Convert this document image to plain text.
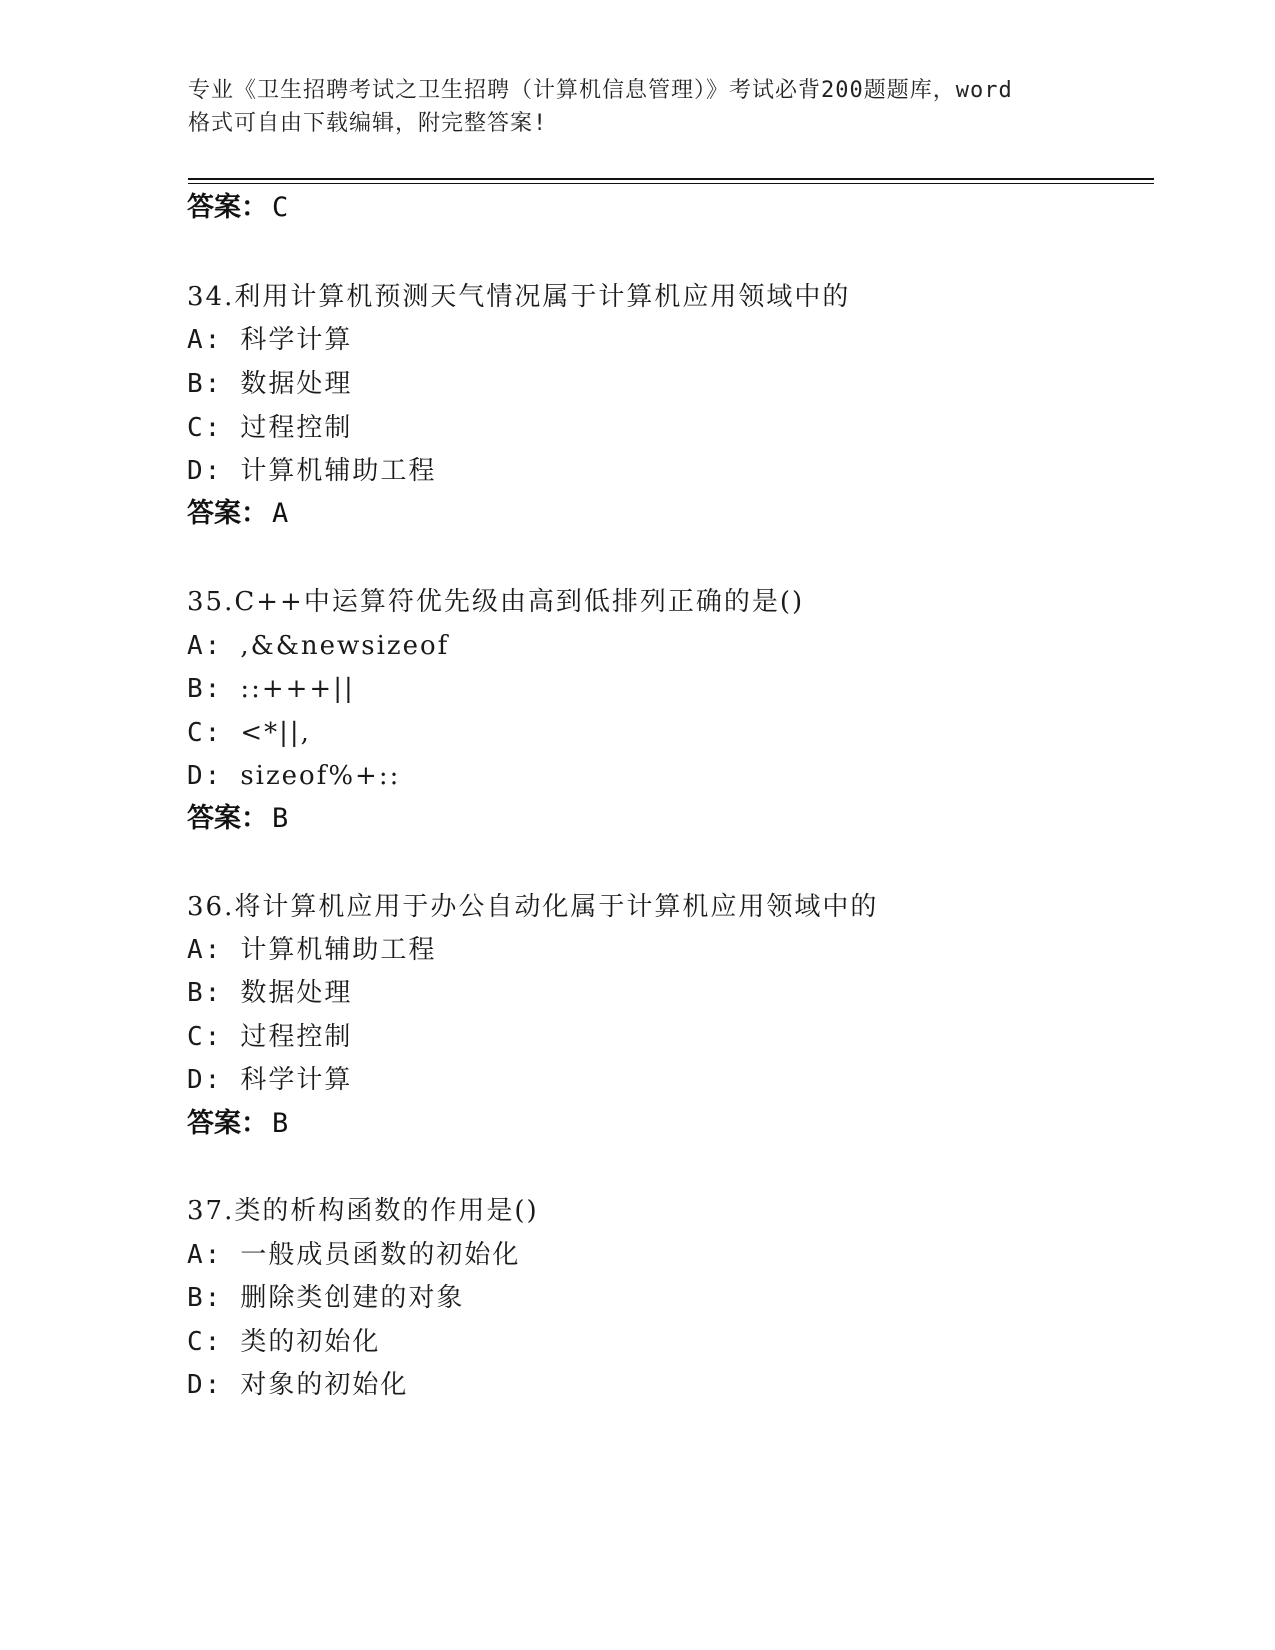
专业《卫生招聘考试之卫生招聘（计算机信息管理）》考试必背200题题库，word
格式可自由下载编辑，附完整答案!
答案： C
34.利用计算机预测天气情况属于计算机应用领域中的
A: 科学计算
B: 数据处理
C: 过程控制
D: 计算机辅助工程
答案： A
35.C++中运算符优先级由高到低排列正确的是()
A: ,&&newsizeof
B: ::+++||
C: <*||,
D: sizeof%+::
答案： B
36.将计算机应用于办公自动化属于计算机应用领域中的
A: 计算机辅助工程
B: 数据处理
C: 过程控制
D: 科学计算
答案： B
37.类的析构函数的作用是()
A: 一般成员函数的初始化
B: 删除类创建的对象
C: 类的初始化
D: 对象的初始化
